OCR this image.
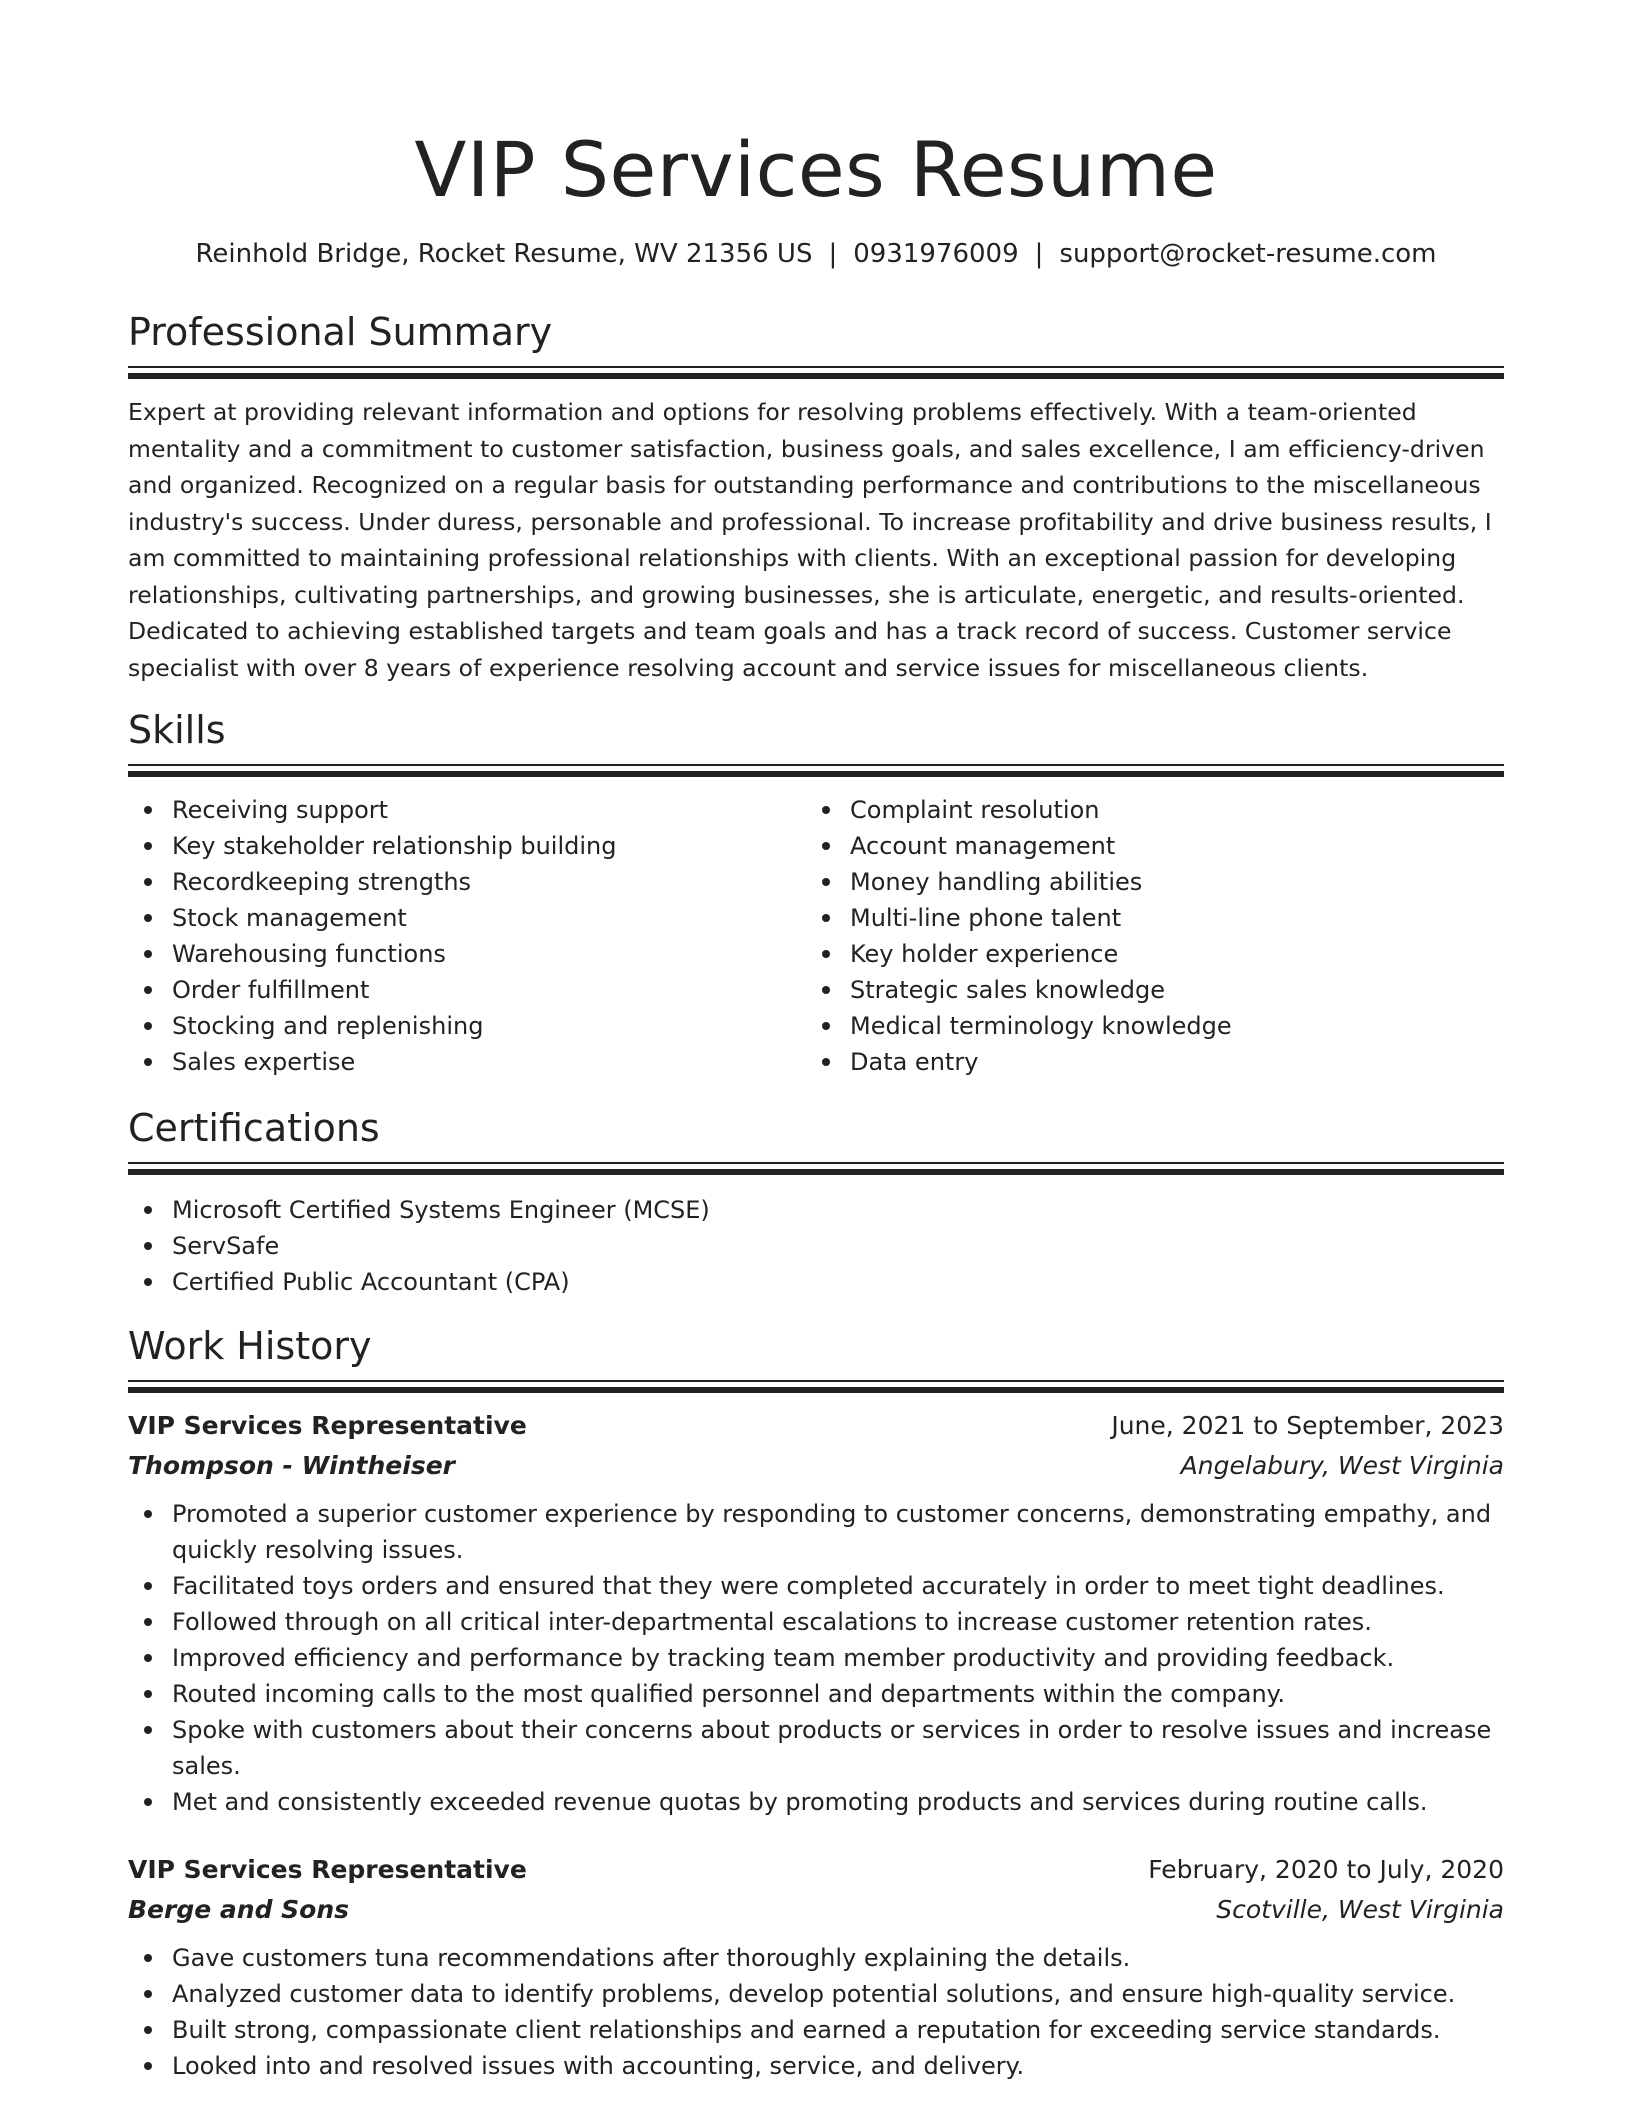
VIP Services Resume
Reinhold Bridge, Rocket Resume, WV 21356 US | 0931976009 | support@rocket-resume.com
Professional Summary
Expert at providing relevant information and options for resolving problems effectively. With a team-oriented mentality and a commitment to customer satisfaction, business goals, and sales excellence, I am efficiency-driven and organized. Recognized on a regular basis for outstanding performance and contributions to the miscellaneous industry's success. Under duress, personable and professional. To increase profitability and drive business results, I am committed to maintaining professional relationships with clients. With an exceptional passion for developing relationships, cultivating partnerships, and growing businesses, she is articulate, energetic, and results-oriented. Dedicated to achieving established targets and team goals and has a track record of success. Customer service specialist with over 8 years of experience resolving account and service issues for miscellaneous clients.
Skills
Receiving support
Key stakeholder relationship building
Recordkeeping strengths
Stock management
Warehousing functions
Order fulfillment
Stocking and replenishing
Sales expertise
Complaint resolution
Account management
Money handling abilities
Multi-line phone talent
Key holder experience
Strategic sales knowledge
Medical terminology knowledge
Data entry
Certifications
Microsoft Certified Systems Engineer (MCSE)
ServSafe
Certified Public Accountant (CPA)
Work History
VIP Services Representative	June, 2021 to September, 2023
Thompson - Wintheiser	Angelabury, West Virginia
Promoted a superior customer experience by responding to customer concerns, demonstrating empathy, and quickly resolving issues.
Facilitated toys orders and ensured that they were completed accurately in order to meet tight deadlines.
Followed through on all critical inter-departmental escalations to increase customer retention rates.
Improved efficiency and performance by tracking team member productivity and providing feedback.
Routed incoming calls to the most qualified personnel and departments within the company.
Spoke with customers about their concerns about products or services in order to resolve issues and increase sales.
Met and consistently exceeded revenue quotas by promoting products and services during routine calls.
VIP Services Representative	February, 2020 to July, 2020
Berge and Sons	Scotville, West Virginia
Gave customers tuna recommendations after thoroughly explaining the details.
Analyzed customer data to identify problems, develop potential solutions, and ensure high-quality service.
Built strong, compassionate client relationships and earned a reputation for exceeding service standards.
Looked into and resolved issues with accounting, service, and delivery.
